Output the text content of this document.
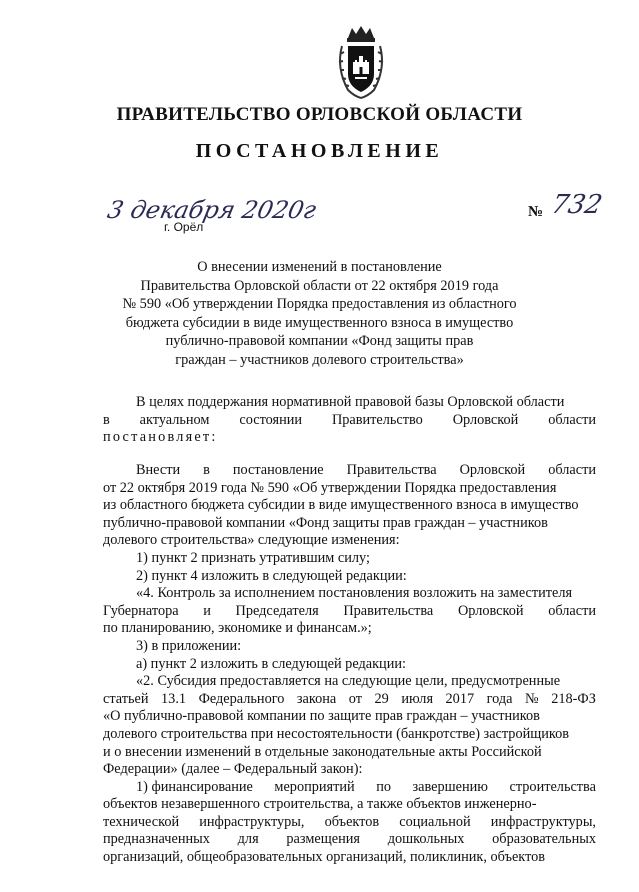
ПРАВИТЕЛЬСТВО ОРЛОВСКОЙ ОБЛАСТИ
ПОСТАНОВЛЕНИЕ
3 декабря 2020г
г. Орёл
№ 732
О внесении изменений в постановление
Правительства Орловской области от 22 октября 2019 года
№ 590 «Об утверждении Порядка предоставления из областного
бюджета субсидии в виде имущественного взноса в имущество
публично-правовой компании «Фонд защиты прав
граждан – участников долевого строительства»
В целях поддержания нормативной правовой базы Орловской области
в актуальном состоянии Правительство Орловской области
постановляет:
Внести в постановление Правительства Орловской области
от 22 октября 2019 года № 590 «Об утверждении Порядка предоставления
из областного бюджета субсидии в виде имущественного взноса в имущество
публично-правовой компании «Фонд защиты прав граждан – участников
долевого строительства» следующие изменения:
1) пункт 2 признать утратившим силу;
2) пункт 4 изложить в следующей редакции:
«4. Контроль за исполнением постановления возложить на заместителя
Губернатора и Председателя Правительства Орловской области
по планированию, экономике и финансам.»;
3) в приложении:
а) пункт 2 изложить в следующей редакции:
«2. Субсидия предоставляется на следующие цели, предусмотренные
статьей 13.1 Федерального закона от 29 июля 2017 года № 218-ФЗ
«О публично-правовой компании по защите прав граждан – участников
долевого строительства при несостоятельности (банкротстве) застройщиков
и о внесении изменений в отдельные законодательные акты Российской
Федерации» (далее – Федеральный закон):
1) финансирование мероприятий по завершению строительства
объектов незавершенного строительства, а также объектов инженерно-
технической инфраструктуры, объектов социальной инфраструктуры,
предназначенных для размещения дошкольных образовательных
организаций, общеобразовательных организаций, поликлиник, объектов
